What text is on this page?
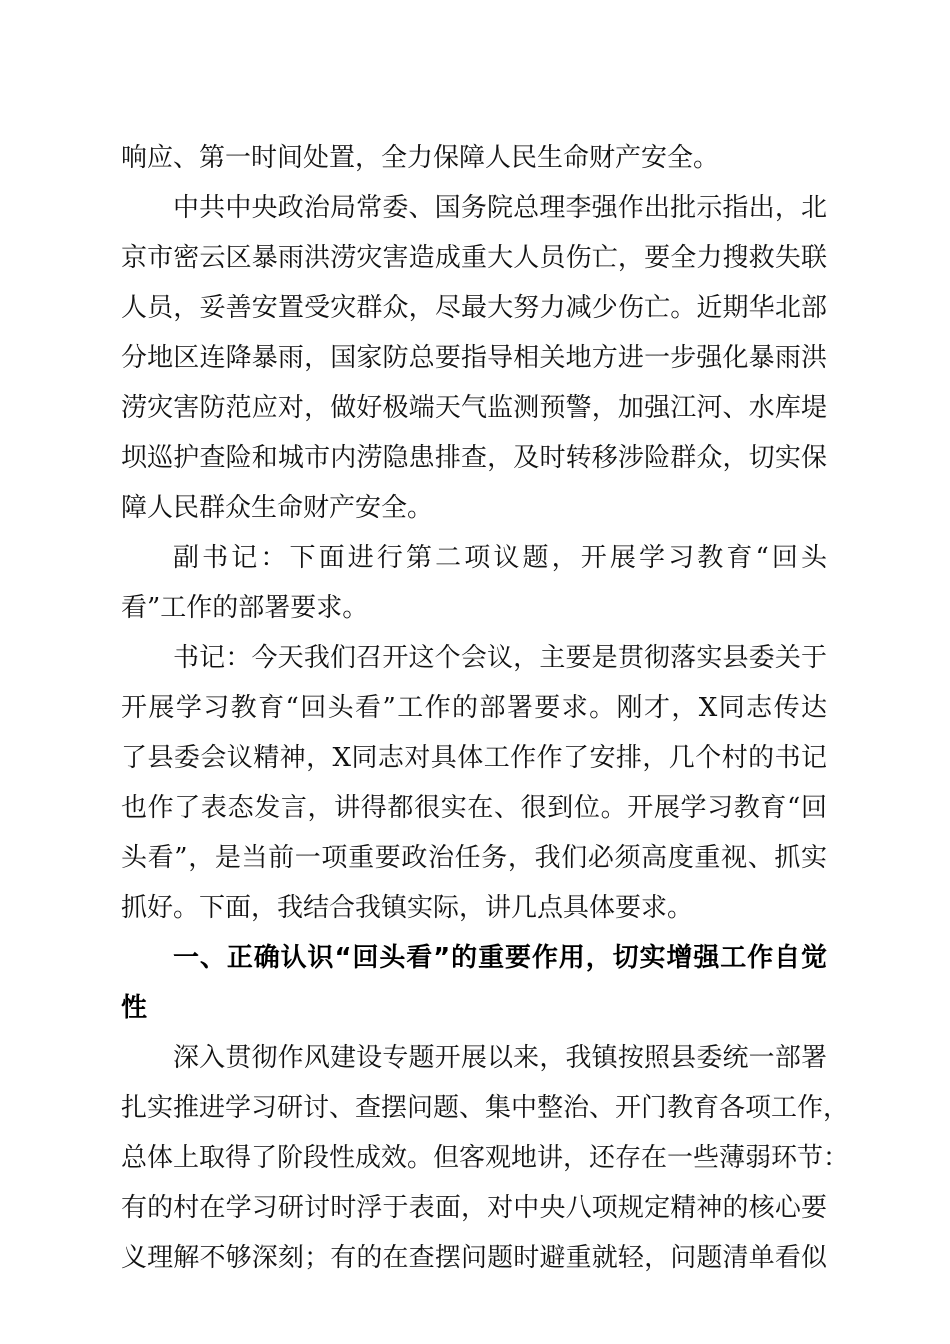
响应、第一时间处置，全力保障人民生命财产安全。
中共中央政治局常委、国务院总理李强作出批示指出，北
京市密云区暴雨洪涝灾害造成重大人员伤亡，要全力搜救失联
人员，妥善安置受灾群众，尽最大努力减少伤亡。近期华北部
分地区连降暴雨，国家防总要指导相关地方进一步强化暴雨洪
涝灾害防范应对，做好极端天气监测预警，加强江河、水库堤
坝巡护查险和城市内涝隐患排查，及时转移涉险群众，切实保
障人民群众生命财产安全。
副书记：下面进行第二项议题，开展学习教育“回头
看”工作的部署要求。
书记：今天我们召开这个会议，主要是贯彻落实县委关于
开展学习教育“回头看”工作的部署要求。刚才，X同志传达
了县委会议精神，X同志对具体工作作了安排，几个村的书记
也作了表态发言，讲得都很实在、很到位。开展学习教育“回
头看”，是当前一项重要政治任务，我们必须高度重视、抓实
抓好。下面，我结合我镇实际，讲几点具体要求。
一、正确认识“回头看”的重要作用，切实增强工作自觉
性
深入贯彻作风建设专题开展以来，我镇按照县委统一部署
扎实推进学习研讨、查摆问题、集中整治、开门教育各项工作，
总体上取得了阶段性成效。但客观地讲，还存在一些薄弱环节：
有的村在学习研讨时浮于表面，对中央八项规定精神的核心要
义理解不够深刻；有的在查摆问题时避重就轻，问题清单看似
